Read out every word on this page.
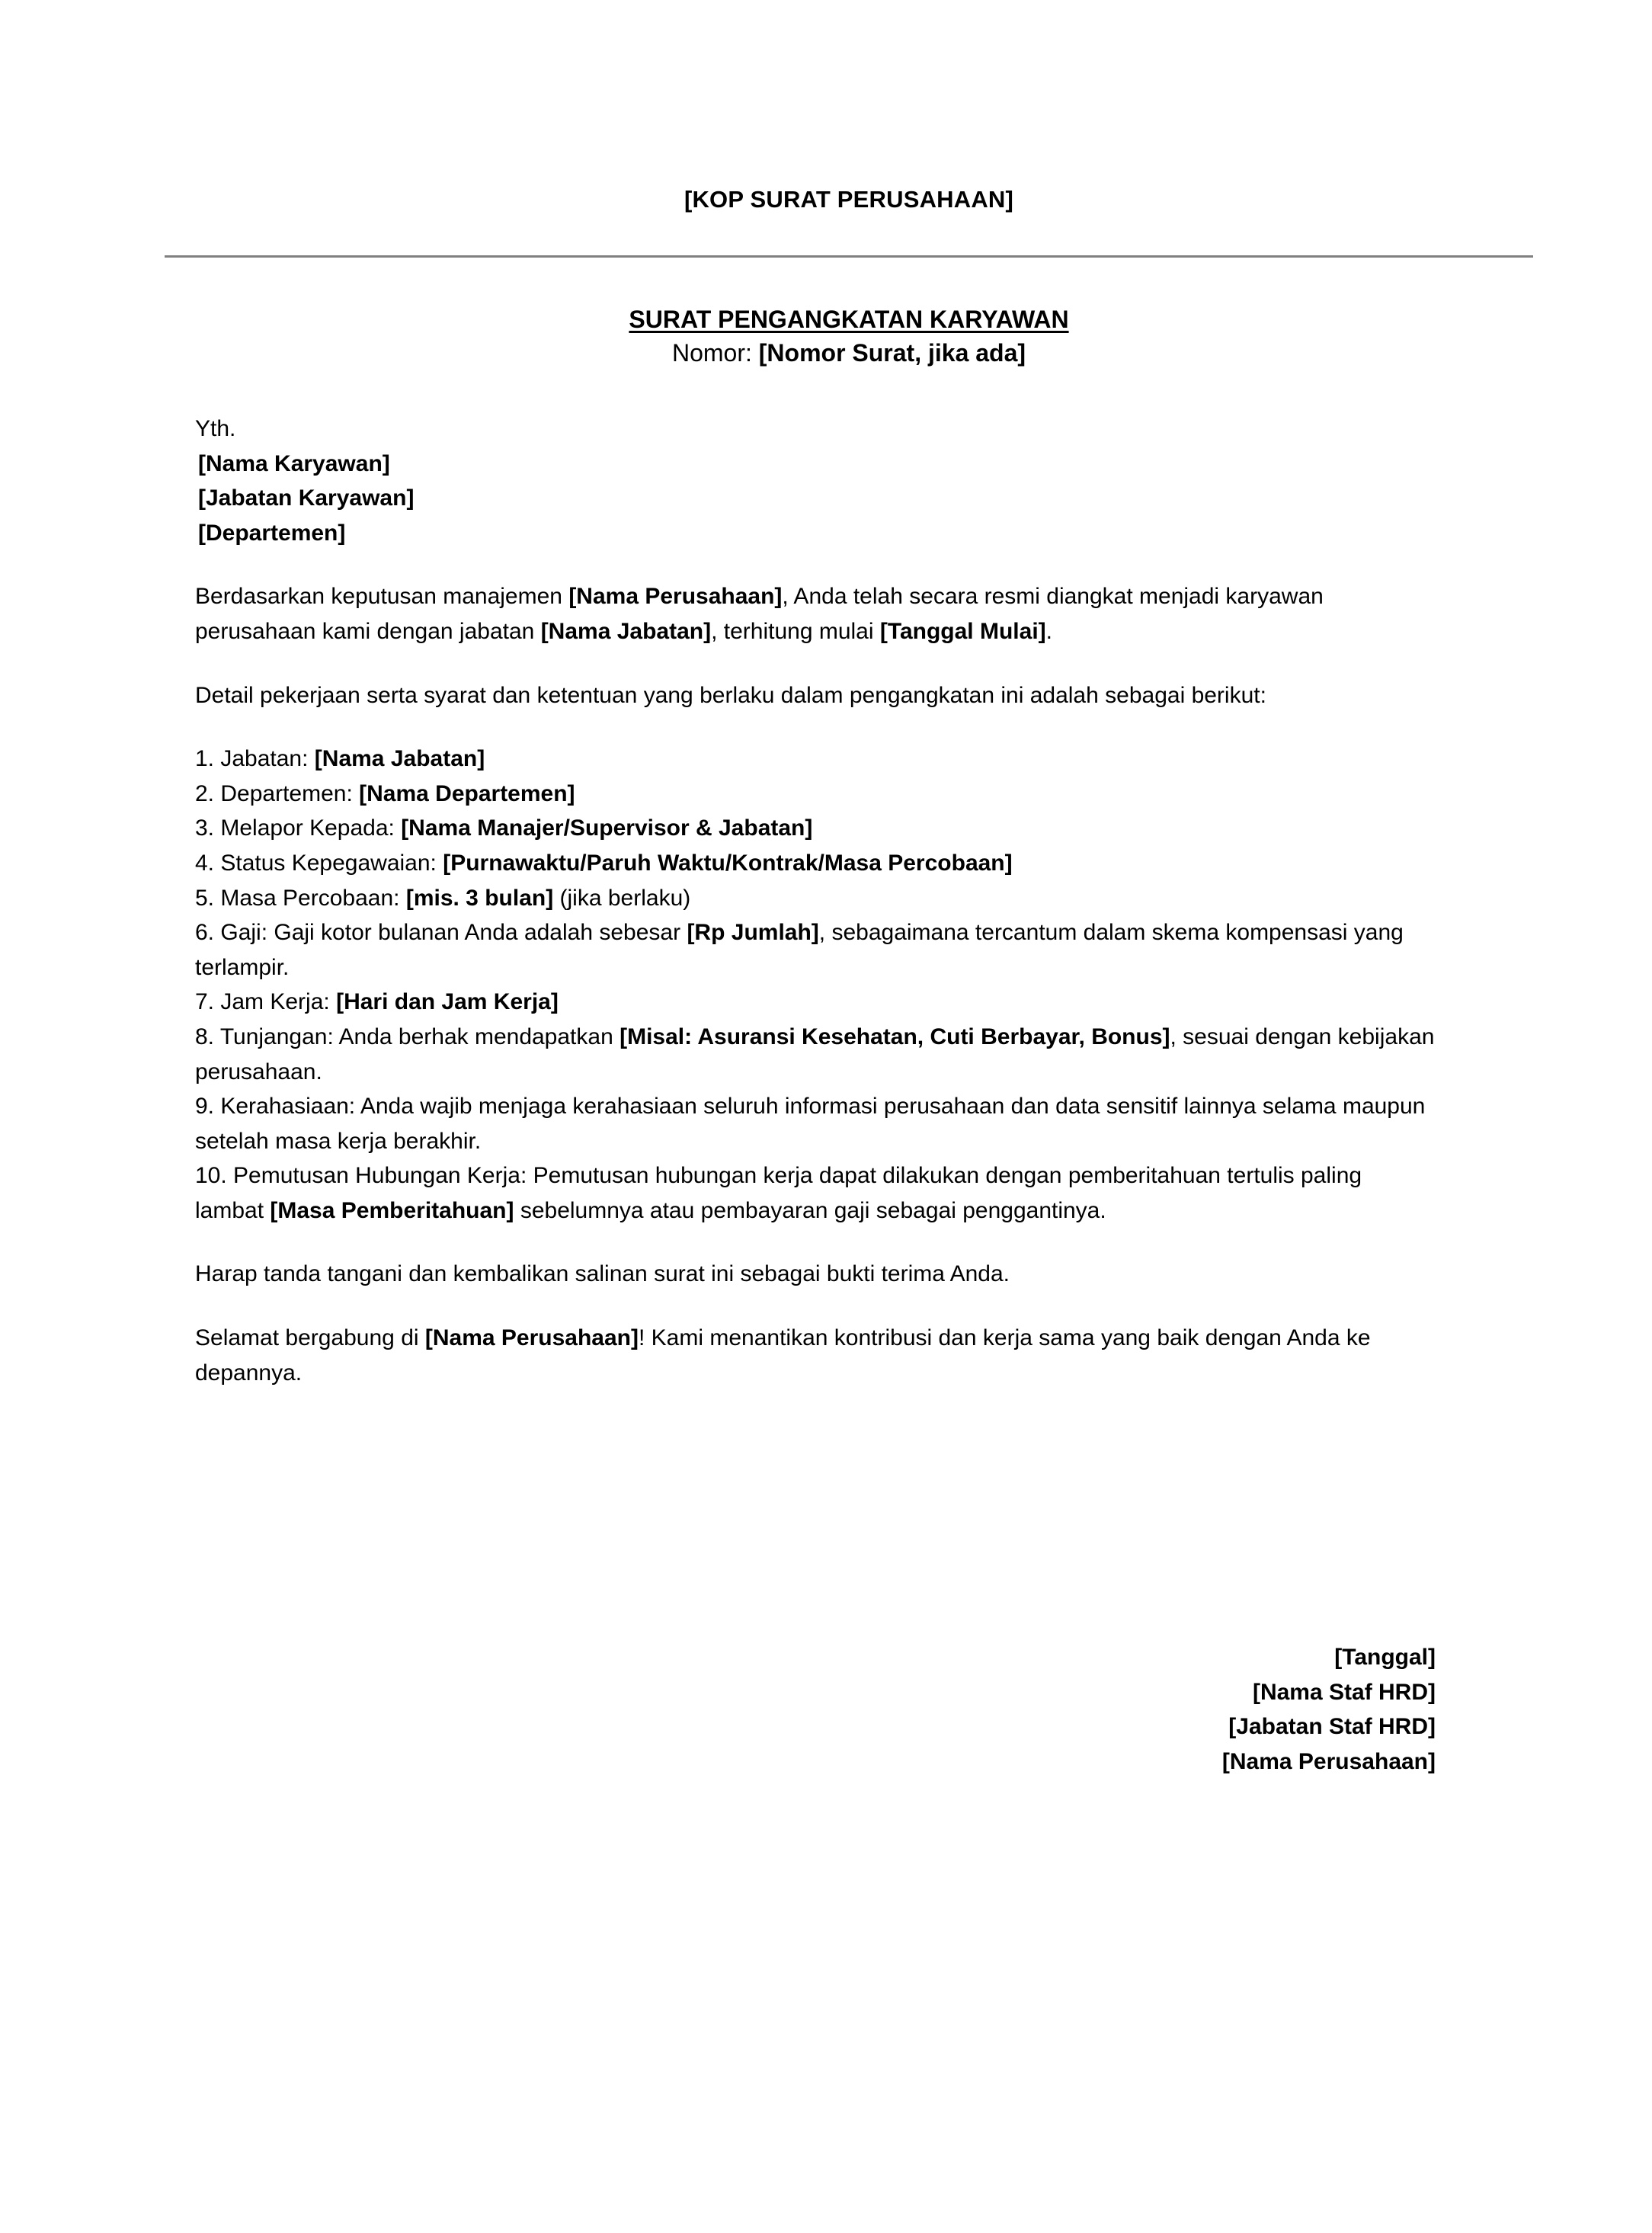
[KOP SURAT PERUSAHAAN]
SURAT PENGANGKATAN KARYAWAN
Nomor: [Nomor Surat, jika ada]

Yth.

[Nama Karyawan]
[Jabatan Karyawan]
[Departemen]

Berdasarkan keputusan manajemen [Nama Perusahaan], Anda telah secara resmi diangkat menjadi karyawan perusahaan kami dengan jabatan [Nama Jabatan], terhitung mulai [Tanggal Mulai].

Detail pekerjaan serta syarat dan ketentuan yang berlaku dalam pengangkatan ini adalah sebagai berikut:

1. Jabatan: [Nama Jabatan]

2. Departemen: [Nama Departemen]

3. Melapor Kepada: [Nama Manajer/Supervisor & Jabatan]

4. Status Kepegawaian: [Purnawaktu/Paruh Waktu/Kontrak/Masa Percobaan]

5. Masa Percobaan: [mis. 3 bulan] (jika berlaku)

6. Gaji: Gaji kotor bulanan Anda adalah sebesar [Rp Jumlah], sebagaimana tercantum dalam skema kompensasi yang terlampir.

7. Jam Kerja: [Hari dan Jam Kerja]

8. Tunjangan: Anda berhak mendapatkan [Misal: Asuransi Kesehatan, Cuti Berbayar, Bonus], sesuai dengan kebijakan perusahaan.

9. Kerahasiaan: Anda wajib menjaga kerahasiaan seluruh informasi perusahaan dan data sensitif lainnya selama maupun setelah masa kerja berakhir.

10. Pemutusan Hubungan Kerja: Pemutusan hubungan kerja dapat dilakukan dengan pemberitahuan tertulis paling lambat [Masa Pemberitahuan] sebelumnya atau pembayaran gaji sebagai penggantinya.

Harap tanda tangani dan kembalikan salinan surat ini sebagai bukti terima Anda.

Selamat bergabung di [Nama Perusahaan]! Kami menantikan kontribusi dan kerja sama yang baik dengan Anda ke depannya.

[Tanggal]
[Nama Staf HRD]
[Jabatan Staf HRD]
[Nama Perusahaan]
